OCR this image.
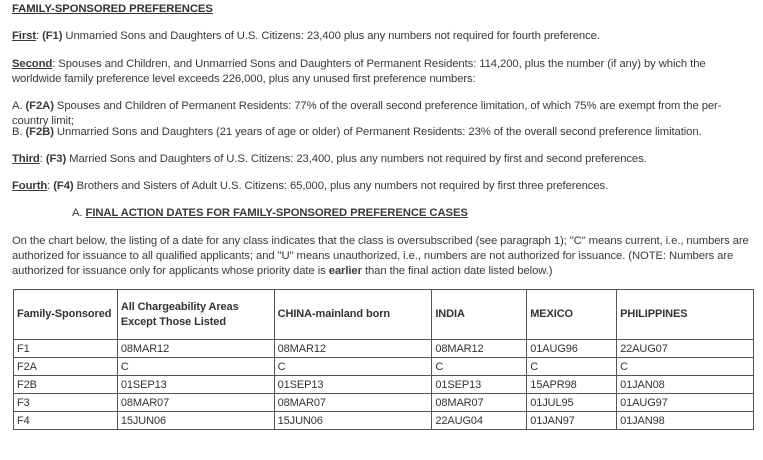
FAMILY-SPONSORED PREFERENCES
First: (F1) Unmarried Sons and Daughters of U.S. Citizens: 23,400 plus any numbers not required for fourth preference.
Second: Spouses and Children, and Unmarried Sons and Daughters of Permanent Residents: 114,200, plus the number (if any) by which the worldwide family preference level exceeds 226,000, plus any unused first preference numbers:
A. (F2A) Spouses and Children of Permanent Residents: 77% of the overall second preference limitation, of which 75% are exempt from the per-country limit;
B. (F2B) Unmarried Sons and Daughters (21 years of age or older) of Permanent Residents: 23% of the overall second preference limitation.
Third: (F3) Married Sons and Daughters of U.S. Citizens: 23,400, plus any numbers not required by first and second preferences.
Fourth: (F4) Brothers and Sisters of Adult U.S. Citizens: 65,000, plus any numbers not required by first three preferences.
A. FINAL ACTION DATES FOR FAMILY-SPONSORED PREFERENCE CASES
On the chart below, the listing of a date for any class indicates that the class is oversubscribed (see paragraph 1); "C" means current, i.e., numbers are authorized for issuance to all qualified applicants; and "U" means unauthorized, i.e., numbers are not authorized for issuance. (NOTE: Numbers are authorized for issuance only for applicants whose priority date is earlier than the final action date listed below.)
Family-Sponsored	All Chargeability Areas Except Those Listed	CHINA-mainland born	INDIA	MEXICO	PHILIPPINES
F1	08MAR12	08MAR12	08MAR12	01AUG96	22AUG07
F2A	C	C	C	C	C
F2B	01SEP13	01SEP13	01SEP13	15APR98	01JAN08
F3	08MAR07	08MAR07	08MAR07	01JUL95	01AUG97
F4	15JUN06	15JUN06	22AUG04	01JAN97	01JAN98
